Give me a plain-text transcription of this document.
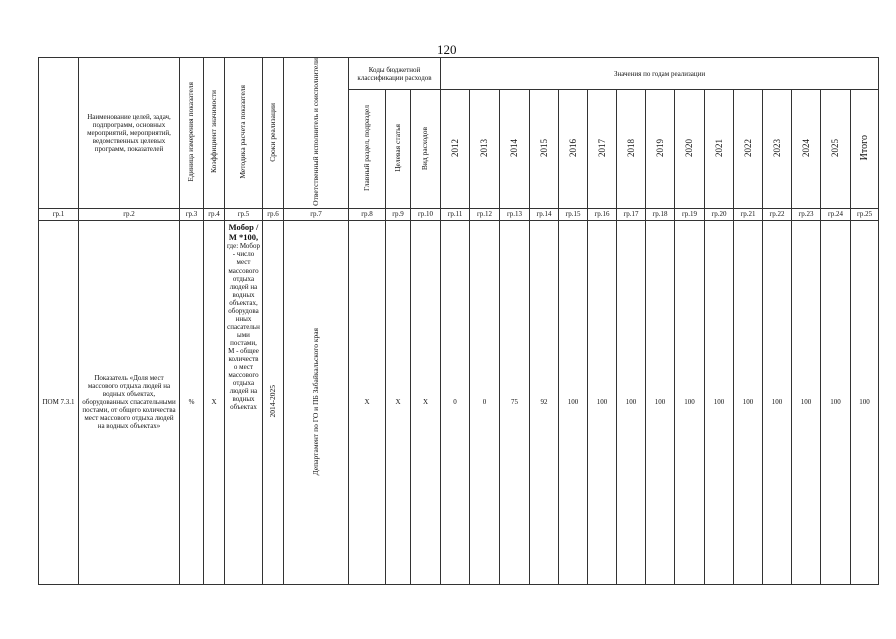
120
	Наименование целей, задач, подпрограмм, основных мероприятий, мероприятий, ведомственных целевых программ, показателей	Единица измерения показателя	Коэффициент значимости	Методика расчета показателя	Сроки реализации	Ответственный исполнитель и соисполнители	Коды бюджетной классификации расходов			Значения по годам реализации														
							Главный раздел, подраздел	Целевая статья	Вид расходов	2012	2013	2014	2015	2016	2017	2018	2019	2020	2021	2022	2023	2024	2025	Итого
гр.1	гр.2	гр.3	гр.4	гр.5	гр.6	гр.7	гр.8	гр.9	гр.10	гр.11	гр.12	гр.13	гр.14	гр.15	гр.16	гр.17	гр.18	гр.19	гр.20	гр.21	гр.22	гр.23	гр.24	гр.25
ПОМ 7.3.1	Показатель «Доля мест массового отдыха людей на водных объектах, оборудованных спасательными постами, от общего количества мест массового отдыха людей на водных объектах»	%	X	Мобор / М *100, где: Мобор - число мест массового отдыха людей на водных объектах, оборудованных спасательными постами, М - общее количество мест массового отдыха людей на водных объектах	2014-2025	Департамент по ГО и ПБ Забайкальского края	X	X	X	0	0	75	92	100	100	100	100	100	100	100	100	100	100	100
